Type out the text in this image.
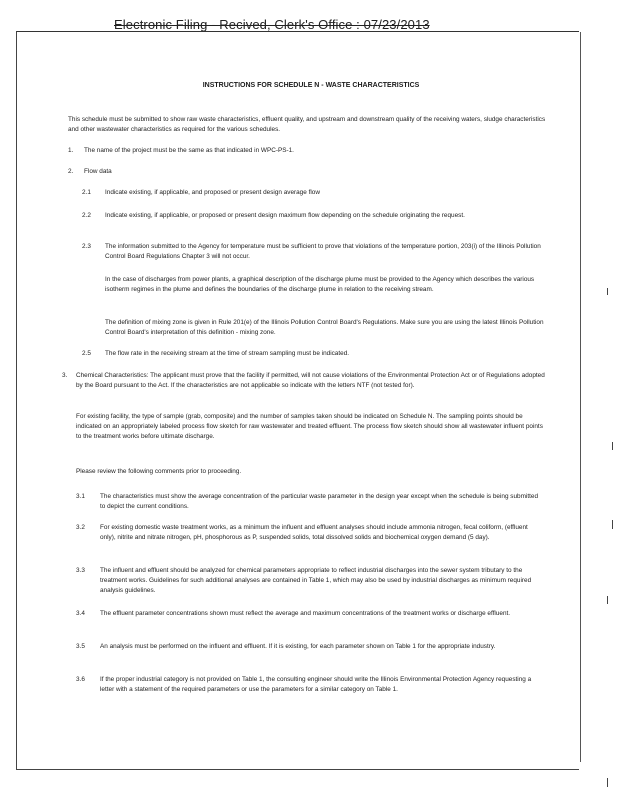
Electronic Filing - Recived, Clerk's Office : 07/23/2013
INSTRUCTIONS FOR SCHEDULE N - WASTE CHARACTERISTICS
This schedule must be submitted to show raw waste characteristics, effluent quality, and upstream and downstream quality of the receiving waters, sludge characteristics and other wastewater characteristics as required for the various schedules.
1. The name of the project must be the same as that indicated in WPC-PS-1.
2. Flow data
2.1 Indicate existing, if applicable, and proposed or present design average flow
2.2 Indicate existing, if applicable, or proposed or present design maximum flow depending on the schedule originating the request.
2.3 The information submitted to the Agency for temperature must be sufficient to prove that violations of the temperature portion, 203(i) of the Illinois Pollution Control Board Regulations Chapter 3 will not occur.
In the case of discharges from power plants, a graphical description of the discharge plume must be provided to the Agency which describes the various isotherm regimes in the plume and defines the boundaries of the discharge plume in relation to the receiving stream.
The definition of mixing zone is given in Rule 201(e) of the Illinois Pollution Control Board's Regulations. Make sure you are using the latest Illinois Pollution Control Board's interpretation of this definition - mixing zone.
2.5 The flow rate in the receiving stream at the time of stream sampling must be indicated.
3. Chemical Characteristics: The applicant must prove that the facility if permitted, will not cause violations of the Environmental Protection Act or of Regulations adopted by the Board pursuant to the Act. If the characteristics are not applicable so indicate with the letters NTF (not tested for).
For existing facility, the type of sample (grab, composite) and the number of samples taken should be indicated on Schedule N. The sampling points should be indicated on an appropriately labeled process flow sketch for raw wastewater and treated effluent. The process flow sketch should show all wastewater influent points to the treatment works before ultimate discharge.
Please review the following comments prior to proceeding.
3.1 The characteristics must show the average concentration of the particular waste parameter in the design year except when the schedule is being submitted to depict the current conditions.
3.2 For existing domestic waste treatment works, as a minimum the influent and effluent analyses should include ammonia nitrogen, fecal coliform, (effluent only), nitrite and nitrate nitrogen, pH, phosphorous as P, suspended solids, total dissolved solids and biochemical oxygen demand (5 day).
3.3 The influent and effluent should be analyzed for chemical parameters appropriate to reflect industrial discharges into the sewer system tributary to the treatment works. Guidelines for such additional analyses are contained in Table 1, which may also be used by industrial discharges as minimum required analysis guidelines.
3.4 The effluent parameter concentrations shown must reflect the average and maximum concentrations of the treatment works or discharge effluent.
3.5 An analysis must be performed on the influent and effluent. If it is existing, for each parameter shown on Table 1 for the appropriate industry.
3.6 If the proper industrial category is not provided on Table 1, the consulting engineer should write the Illinois Environmental Protection Agency requesting a letter with a statement of the required parameters or use the parameters for a similar category on Table 1.
